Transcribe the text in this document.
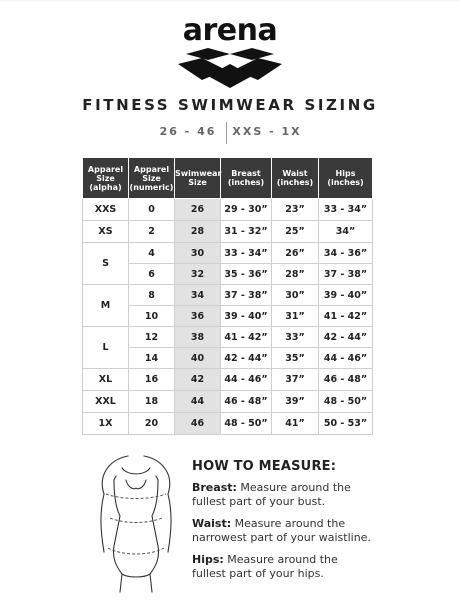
arena
FITNESS SWIMWEAR SIZING
26 - 46	XXS - 1X
Apparel Size (alpha)	Apparel Size (numeric)	Swimwear Size	Breast (inches)	Waist (inches)	Hips (inches)
XXS	0	26	29 - 30”	23”	33 - 34”
XS	2	28	31 - 32”	25”	34”
S	4	30	33 - 34”	26”	34 - 36”
	6	32	35 - 36”	28”	37 - 38”
M	8	34	37 - 38”	30”	39 - 40”
	10	36	39 - 40”	31”	41 - 42”
L	12	38	41 - 42”	33”	42 - 44”
	14	40	42 - 44”	35”	44 - 46”
XL	16	42	44 - 46”	37”	46 - 48”
XXL	18	44	46 - 48”	39”	48 - 50”
1X	20	46	48 - 50”	41”	50 - 53”
HOW TO MEASURE:

Breast: Measure around the fullest part of your bust.

Waist: Measure around the narrowest part of your waistline.

Hips: Measure around the fullest part of your hips.
